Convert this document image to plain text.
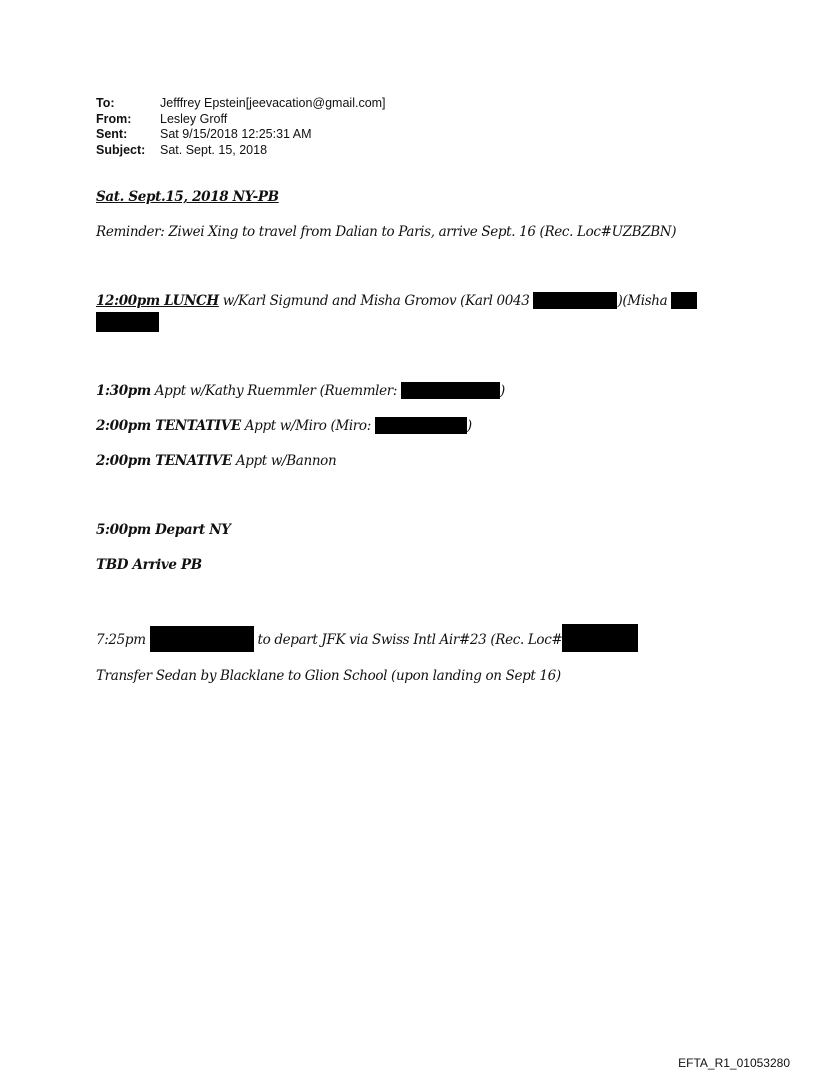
To:	Jefffrey Epstein[jeevacation@gmail.com]
From:	Lesley Groff
Sent:	Sat 9/15/2018 12:25:31 AM
Subject:	Sat. Sept. 15, 2018
Sat. Sept.15, 2018 NY-PB
Reminder: Ziwei Xing to travel from Dalian to Paris, arrive Sept. 16 (Rec. Loc#UZBZBN)
12:00pm LUNCH w/Karl Sigmund and Misha Gromov (Karl 0043	)(Misha
1:30pm Appt w/Kathy Ruemmler (Ruemmler:	)
2:00pm TENTATIVE Appt w/Miro (Miro:	)
2:00pm TENATIVE Appt w/Bannon
5:00pm Depart NY
TBD Arrive PB
7:25pm	to depart JFK via Swiss Intl Air#23 (Rec. Loc#
Transfer Sedan by Blacklane to Glion School (upon landing on Sept 16)
EFTA_R1_01053280
